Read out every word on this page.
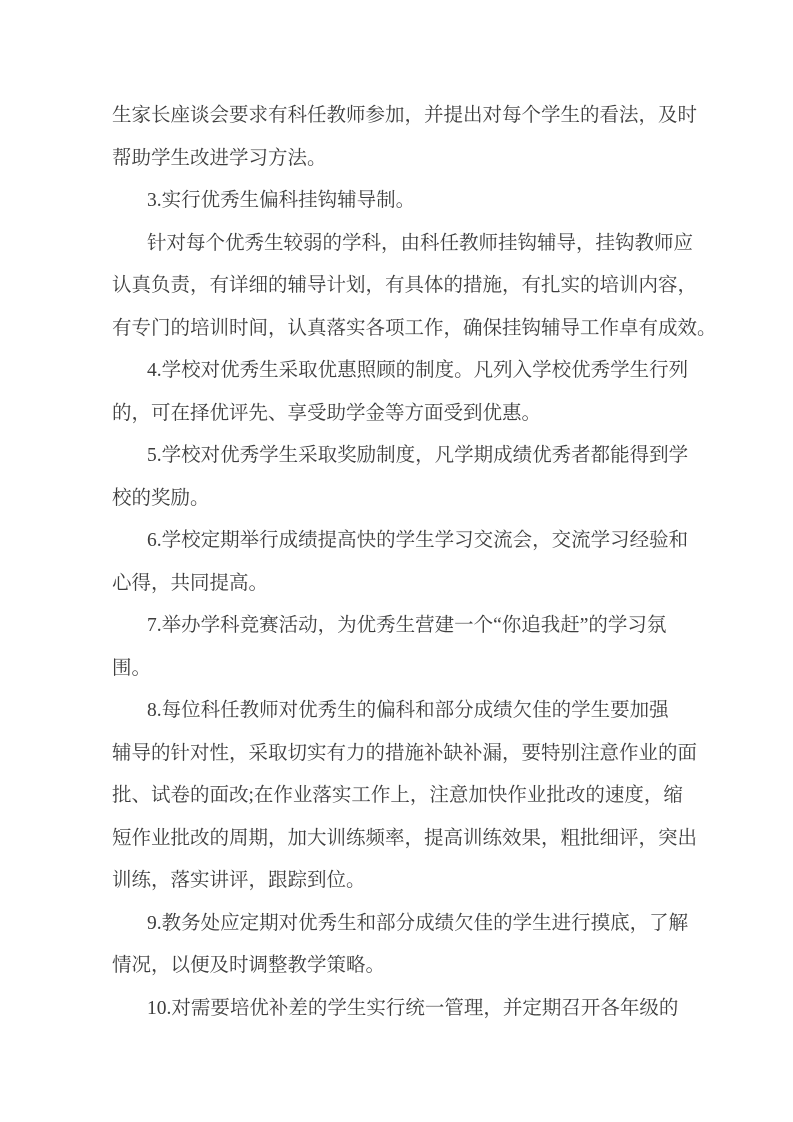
生家长座谈会要求有科任教师参加，并提出对每个学生的看法，及时
帮助学生改进学习方法。
3.实行优秀生偏科挂钩辅导制。
针对每个优秀生较弱的学科，由科任教师挂钩辅导，挂钩教师应
认真负责，有详细的辅导计划，有具体的措施，有扎实的培训内容，
有专门的培训时间，认真落实各项工作，确保挂钩辅导工作卓有成效。
4.学校对优秀生采取优惠照顾的制度。凡列入学校优秀学生行列
的，可在择优评先、享受助学金等方面受到优惠。
5.学校对优秀学生采取奖励制度，凡学期成绩优秀者都能得到学
校的奖励。
6.学校定期举行成绩提高快的学生学习交流会，交流学习经验和
心得，共同提高。
7.举办学科竞赛活动，为优秀生营建一个“你追我赶”的学习氛
围。
8.每位科任教师对优秀生的偏科和部分成绩欠佳的学生要加强
辅导的针对性，采取切实有力的措施补缺补漏，要特别注意作业的面
批、试卷的面改;在作业落实工作上，注意加快作业批改的速度，缩
短作业批改的周期，加大训练频率，提高训练效果，粗批细评，突出
训练，落实讲评，跟踪到位。
9.教务处应定期对优秀生和部分成绩欠佳的学生进行摸底，了解
情况，以便及时调整教学策略。
10.对需要培优补差的学生实行统一管理，并定期召开各年级的
